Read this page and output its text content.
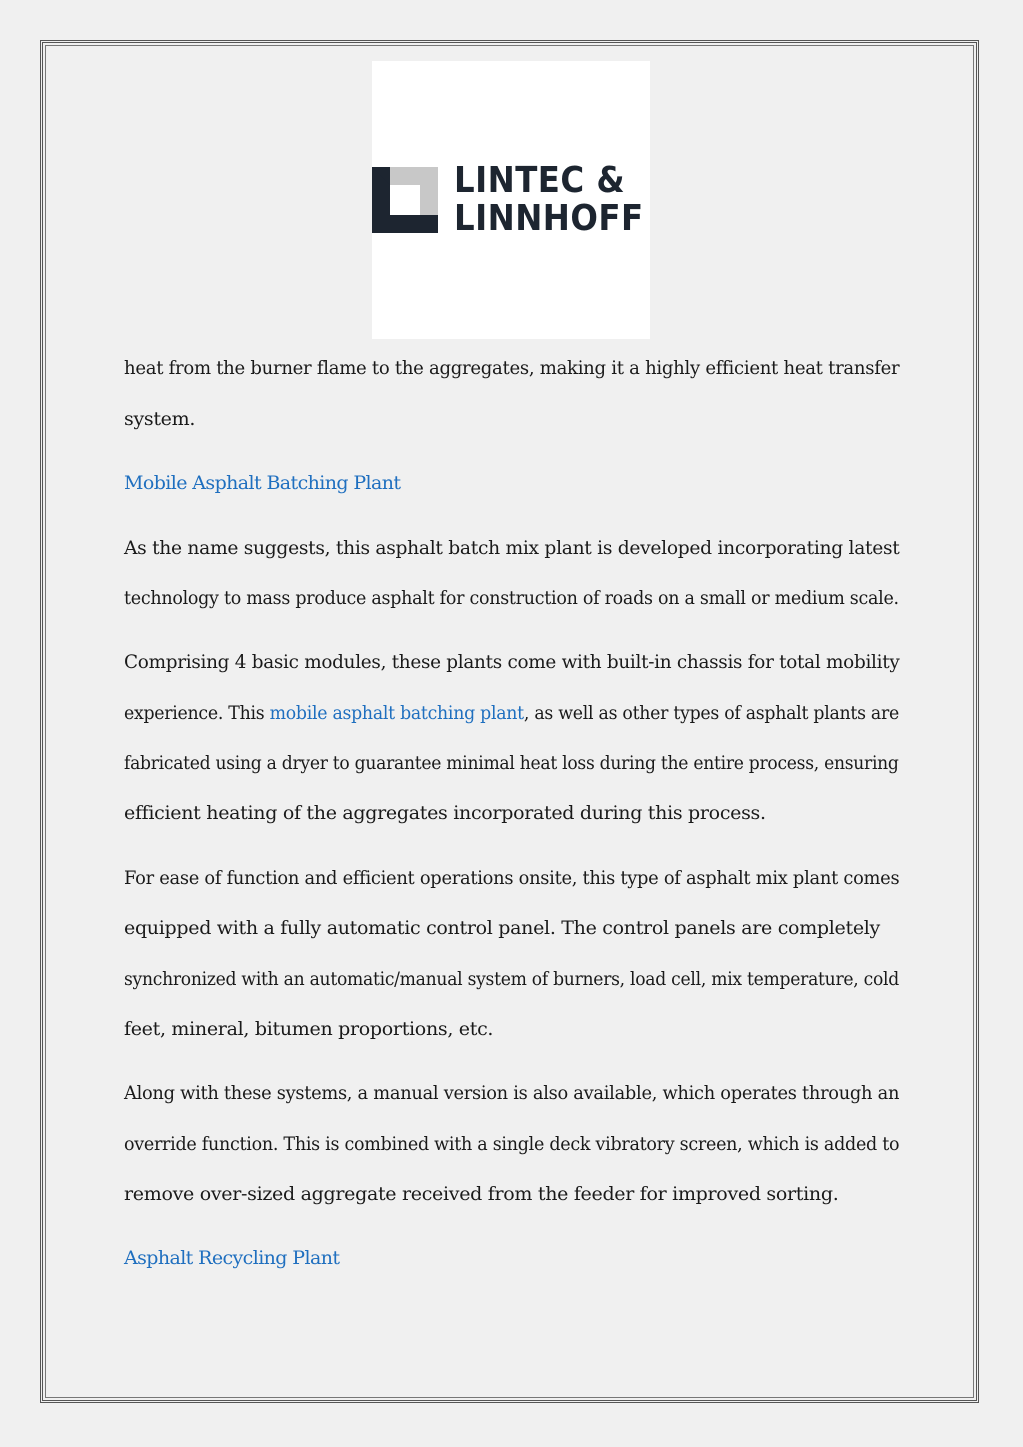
LINTEC &
LINNHOFF
heat from the burner flame to the aggregates, making it a highly efficient heat transfer
system.
Mobile Asphalt Batching Plant
As the name suggests, this asphalt batch mix plant is developed incorporating latest
technology to mass produce asphalt for construction of roads on a small or medium scale.
Comprising 4 basic modules, these plants come with built-in chassis for total mobility
experience. This mobile asphalt batching plant, as well as other types of asphalt plants are
fabricated using a dryer to guarantee minimal heat loss during the entire process, ensuring
efficient heating of the aggregates incorporated during this process.
For ease of function and efficient operations onsite, this type of asphalt mix plant comes
equipped with a fully automatic control panel. The control panels are completely
synchronized with an automatic/manual system of burners, load cell, mix temperature, cold
feet, mineral, bitumen proportions, etc.
Along with these systems, a manual version is also available, which operates through an
override function. This is combined with a single deck vibratory screen, which is added to
remove over-sized aggregate received from the feeder for improved sorting.
Asphalt Recycling Plant
